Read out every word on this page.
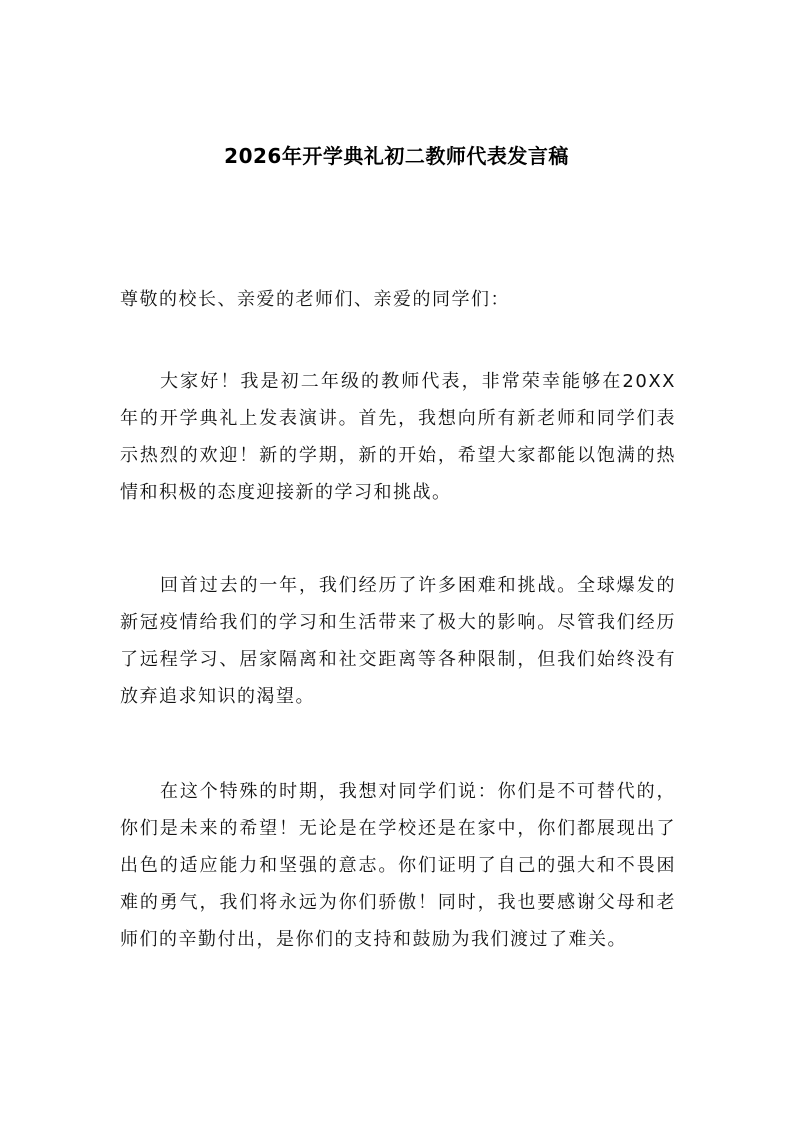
2026年开学典礼初二教师代表发言稿

尊敬的校长、亲爱的老师们、亲爱的同学们：

大家好！我是初二年级的教师代表，非常荣幸能够在20XX年的开学典礼上发表演讲。首先，我想向所有新老师和同学们表示热烈的欢迎！新的学期，新的开始，希望大家都能以饱满的热情和积极的态度迎接新的学习和挑战。

回首过去的一年，我们经历了许多困难和挑战。全球爆发的新冠疫情给我们的学习和生活带来了极大的影响。尽管我们经历了远程学习、居家隔离和社交距离等各种限制，但我们始终没有放弃追求知识的渴望。

在这个特殊的时期，我想对同学们说：你们是不可替代的，你们是未来的希望！无论是在学校还是在家中，你们都展现出了出色的适应能力和坚强的意志。你们证明了自己的强大和不畏困难的勇气，我们将永远为你们骄傲！同时，我也要感谢父母和老师们的辛勤付出，是你们的支持和鼓励为我们渡过了难关。
